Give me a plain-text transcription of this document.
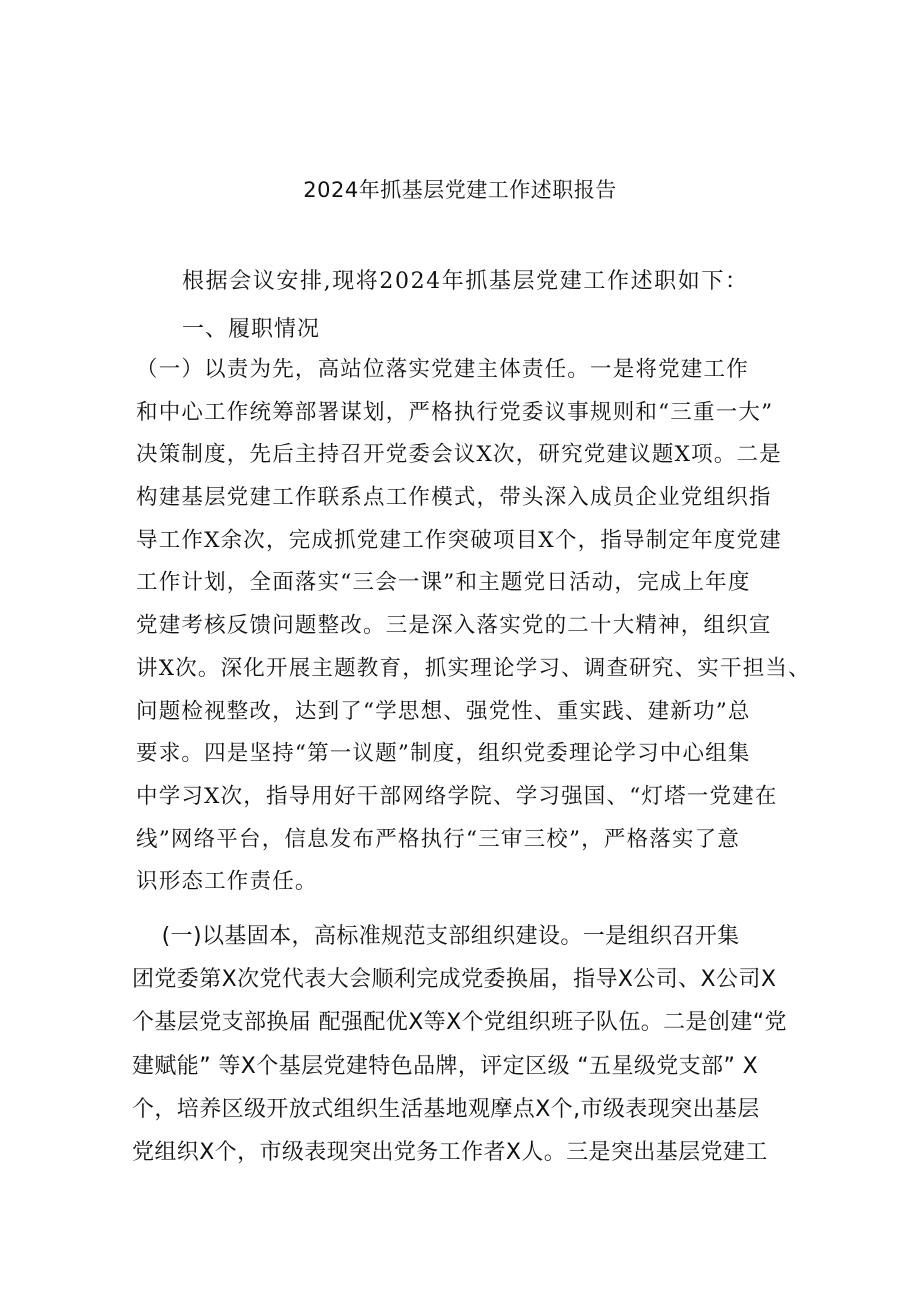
2024年抓基层党建工作述职报告

根据会议安排,现将2024年抓基层党建工作述职如下：

一、履职情况

（一）以责为先，高站位落实党建主体责任。一是将党建工作
和中心工作统筹部署谋划，严格执行党委议事规则和“三重一大”
决策制度，先后主持召开党委会议X次，研究党建议题X项。二是
构建基层党建工作联系点工作模式，带头深入成员企业党组织指
导工作X余次，完成抓党建工作突破项目X个，指导制定年度党建
工作计划，全面落实“三会一课”和主题党日活动，完成上年度
党建考核反馈问题整改。三是深入落实党的二十大精神，组织宣
讲X次。深化开展主题教育，抓实理论学习、调查研究、实干担当、
问题检视整改，达到了“学思想、强党性、重实践、建新功”总
要求。四是坚持“第一议题”制度，组织党委理论学习中心组集
中学习X次，指导用好干部网络学院、学习强国、“灯塔一党建在
线”网络平台，信息发布严格执行“三审三校”，严格落实了意
识形态工作责任。
(一)以基固本，高标准规范支部组织建设。一是组织召开集
团党委第X次党代表大会顺利完成党委换届，指导X公司、X公司X
个基层党支部换届 配强配优X等X个党组织班子队伍。二是创建“党
建赋能” 等X个基层党建特色品牌，评定区级 “五星级党支部” X
个，培养区级开放式组织生活基地观摩点X个,市级表现突出基层
党组织X个，市级表现突出党务工作者X人。三是突出基层党建工
